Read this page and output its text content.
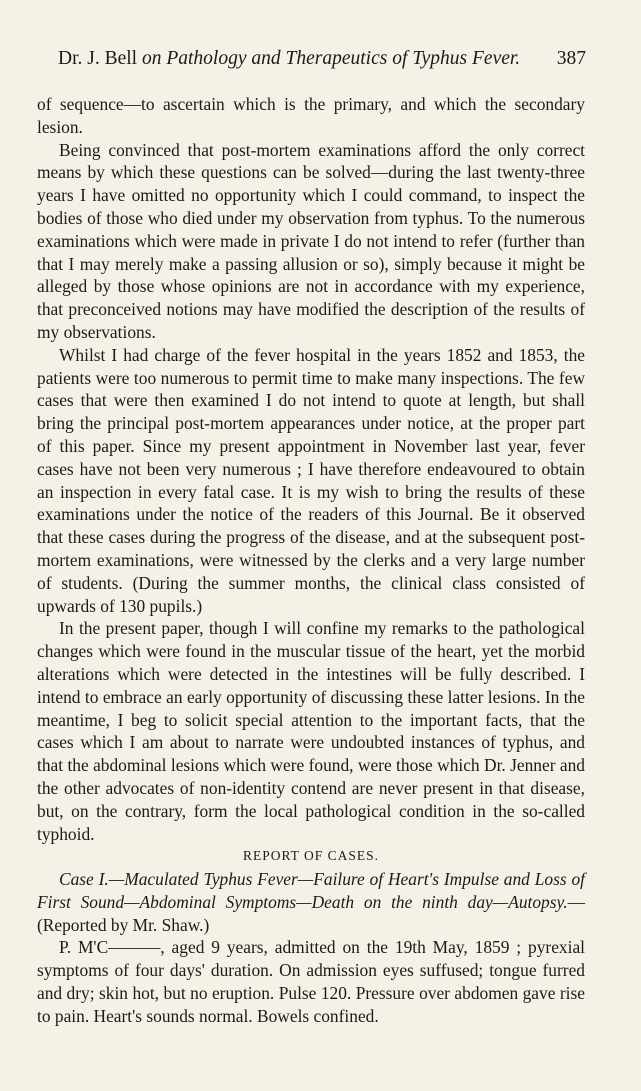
Dr. J. Bell on Pathology and Therapeutics of Typhus Fever. 387

of sequence—to ascertain which is the primary, and which the secondary lesion.

Being convinced that post-mortem examinations afford the only correct means by which these questions can be solved—during the last twenty-three years I have omitted no opportunity which I could command, to inspect the bodies of those who died under my observation from typhus. To the numerous examinations which were made in private I do not intend to refer (further than that I may merely make a passing allusion or so), simply because it might be alleged by those whose opinions are not in accordance with my experience, that preconceived notions may have modified the description of the results of my observations.

Whilst I had charge of the fever hospital in the years 1852 and 1853, the patients were too numerous to permit time to make many inspections. The few cases that were then examined I do not intend to quote at length, but shall bring the principal post-mortem appearances under notice, at the proper part of this paper. Since my present appointment in November last year, fever cases have not been very numerous ; I have therefore endeavoured to obtain an inspection in every fatal case. It is my wish to bring the results of these examinations under the notice of the readers of this Journal. Be it observed that these cases during the progress of the disease, and at the subsequent post-mortem examinations, were witnessed by the clerks and a very large number of students. (During the summer months, the clinical class consisted of upwards of 130 pupils.)

In the present paper, though I will confine my remarks to the pathological changes which were found in the muscular tissue of the heart, yet the morbid alterations which were detected in the intestines will be fully described. I intend to embrace an early opportunity of discussing these latter lesions. In the meantime, I beg to solicit special attention to the important facts, that the cases which I am about to narrate were undoubted instances of typhus, and that the abdominal lesions which were found, were those which Dr. Jenner and the other advocates of non-identity contend are never present in that disease, but, on the contrary, form the local pathological condition in the so-called typhoid.

REPORT OF CASES.

Case I.—Maculated Typhus Fever—Failure of Heart's Impulse and Loss of First Sound—Abdominal Symptoms—Death on the ninth day—Autopsy.—(Reported by Mr. Shaw.)

P. M'C———, aged 9 years, admitted on the 19th May, 1859 ; pyrexial symptoms of four days' duration. On admission eyes suffused; tongue furred and dry; skin hot, but no eruption. Pulse 120. Pressure over abdomen gave rise to pain. Heart's sounds normal. Bowels confined.
